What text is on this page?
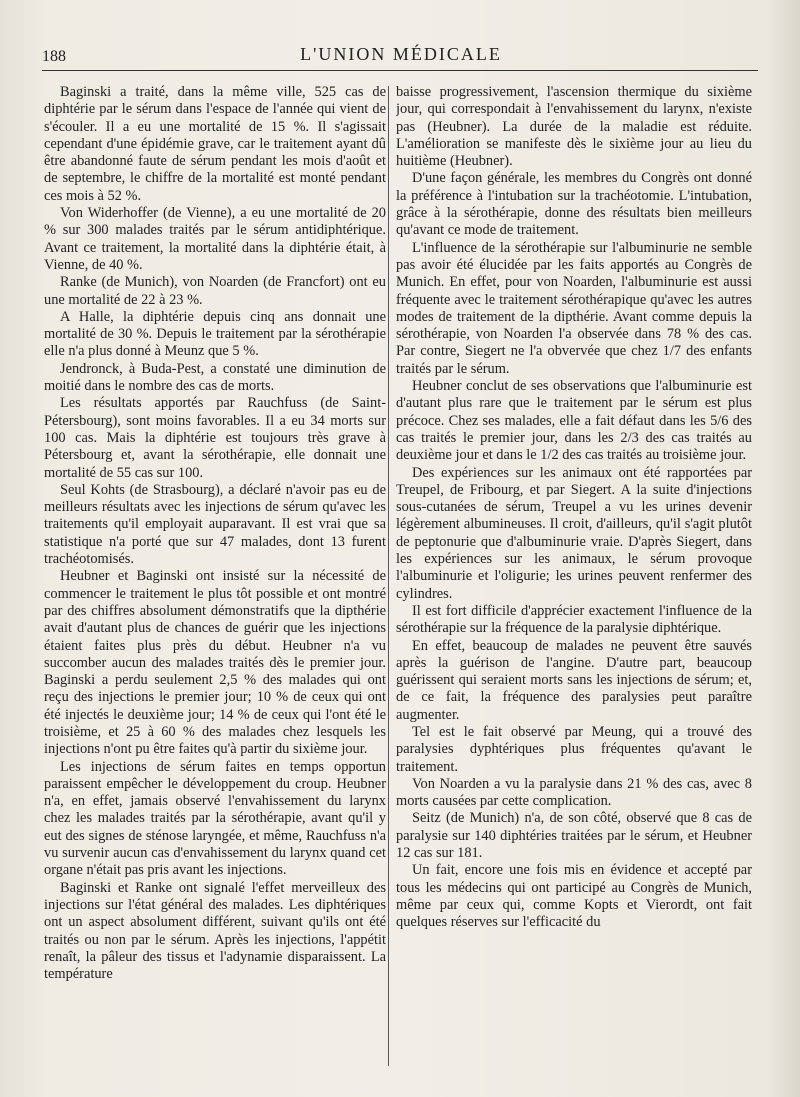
188	L'UNION MÉDICALE

Baginski a traité, dans la même ville, 525 cas de diphtérie par le sérum dans l'espace de l'année qui vient de s'écouler. Il a eu une mortalité de 15 %. Il s'agissait cependant d'une épidémie grave, car le traitement ayant dû être abandonné faute de sérum pendant les mois d'août et de septembre, le chiffre de la mortalité est monté pendant ces mois à 52 %.

Von Widerhoffer (de Vienne), a eu une mortalité de 20 % sur 300 malades traités par le sérum antidiphtérique. Avant ce traitement, la mortalité dans la diphtérie était, à Vienne, de 40 %.

Ranke (de Munich), von Noarden (de Francfort) ont eu une mortalité de 22 à 23 %.

A Halle, la diphtérie depuis cinq ans donnait une mortalité de 30 %. Depuis le traitement par la sérothérapie elle n'a plus donné à Meunz que 5 %.

Jendronck, à Buda-Pest, a constaté une diminution de moitié dans le nombre des cas de morts.

Les résultats apportés par Rauchfuss (de Saint-Pétersbourg), sont moins favorables. Il a eu 34 morts sur 100 cas. Mais la diphtérie est toujours très grave à Pétersbourg et, avant la sérothérapie, elle donnait une mortalité de 55 cas sur 100.

Seul Kohts (de Strasbourg), a déclaré n'avoir pas eu de meilleurs résultats avec les injections de sérum qu'avec les traitements qu'il employait auparavant. Il est vrai que sa statistique n'a porté que sur 47 malades, dont 13 furent trachéotomisés.

Heubner et Baginski ont insisté sur la nécessité de commencer le traitement le plus tôt possible et ont montré par des chiffres absolument démonstratifs que la dipthérie avait d'autant plus de chances de guérir que les injections étaient faites plus près du début. Heubner n'a vu succomber aucun des malades traités dès le premier jour. Baginski a perdu seulement 2,5 % des malades qui ont reçu des injections le premier jour; 10 % de ceux qui ont été injectés le deuxième jour; 14 % de ceux qui l'ont été le troisième, et 25 à 60 % des malades chez lesquels les injections n'ont pu être faites qu'à partir du sixième jour.

Les injections de sérum faites en temps opportun paraissent empêcher le développement du croup. Heubner n'a, en effet, jamais observé l'envahissement du larynx chez les malades traités par la sérothérapie, avant qu'il y eut des signes de sténose laryngée, et même, Rauchfuss n'a vu survenir aucun cas d'envahissement du larynx quand cet organe n'était pas pris avant les injections.

Baginski et Ranke ont signalé l'effet merveilleux des injections sur l'état général des malades. Les diphtériques ont un aspect absolument différent, suivant qu'ils ont été traités ou non par le sérum. Après les injections, l'appétit renaît, la pâleur des tissus et l'adynamie disparaissent. La température

baisse progressivement, l'ascension thermique du sixième jour, qui correspondait à l'envahissement du larynx, n'existe pas (Heubner). La durée de la maladie est réduite. L'amélioration se manifeste dès le sixième jour au lieu du huitième (Heubner).

D'une façon générale, les membres du Congrès ont donné la préférence à l'intubation sur la trachéotomie. L'intubation, grâce à la sérothérapie, donne des résultats bien meilleurs qu'avant ce mode de traitement.

L'influence de la sérothérapie sur l'albuminurie ne semble pas avoir été élucidée par les faits apportés au Congrès de Munich. En effet, pour von Noarden, l'albuminurie est aussi fréquente avec le traitement sérothérapique qu'avec les autres modes de traitement de la dipthérie. Avant comme depuis la sérothérapie, von Noarden l'a observée dans 78 % des cas. Par contre, Siegert ne l'a obvervée que chez 1/7 des enfants traités par le sérum.

Heubner conclut de ses observations que l'albuminurie est d'autant plus rare que le traitement par le sérum est plus précoce. Chez ses malades, elle a fait défaut dans les 5/6 des cas traités le premier jour, dans les 2/3 des cas traités au deuxième jour et dans le 1/2 des cas traités au troisième jour.

Des expériences sur les animaux ont été rapportées par Treupel, de Fribourg, et par Siegert. A la suite d'injections sous-cutanées de sérum, Treupel a vu les urines devenir légèrement albumineuses. Il croit, d'ailleurs, qu'il s'agit plutôt de peptonurie que d'albuminurie vraie. D'après Siegert, dans les expériences sur les animaux, le sérum provoque l'albuminurie et l'oligurie; les urines peuvent renfermer des cylindres.

Il est fort difficile d'apprécier exactement l'influence de la sérothérapie sur la fréquence de la paralysie diphtérique.

En effet, beaucoup de malades ne peuvent être sauvés après la guérison de l'angine. D'autre part, beaucoup guérissent qui seraient morts sans les injections de sérum; et, de ce fait, la fréquence des paralysies peut paraître augmenter.

Tel est le fait observé par Meung, qui a trouvé des paralysies dyphtériques plus fréquentes qu'avant le traitement.

Von Noarden a vu la paralysie dans 21 % des cas, avec 8 morts causées par cette complication.

Seitz (de Munich) n'a, de son côté, observé que 8 cas de paralysie sur 140 diphtéries traitées par le sérum, et Heubner 12 cas sur 181.

Un fait, encore une fois mis en évidence et accepté par tous les médecins qui ont participé au Congrès de Munich, même par ceux qui, comme Kopts et Vierordt, ont fait quelques réserves sur l'efficacité du
